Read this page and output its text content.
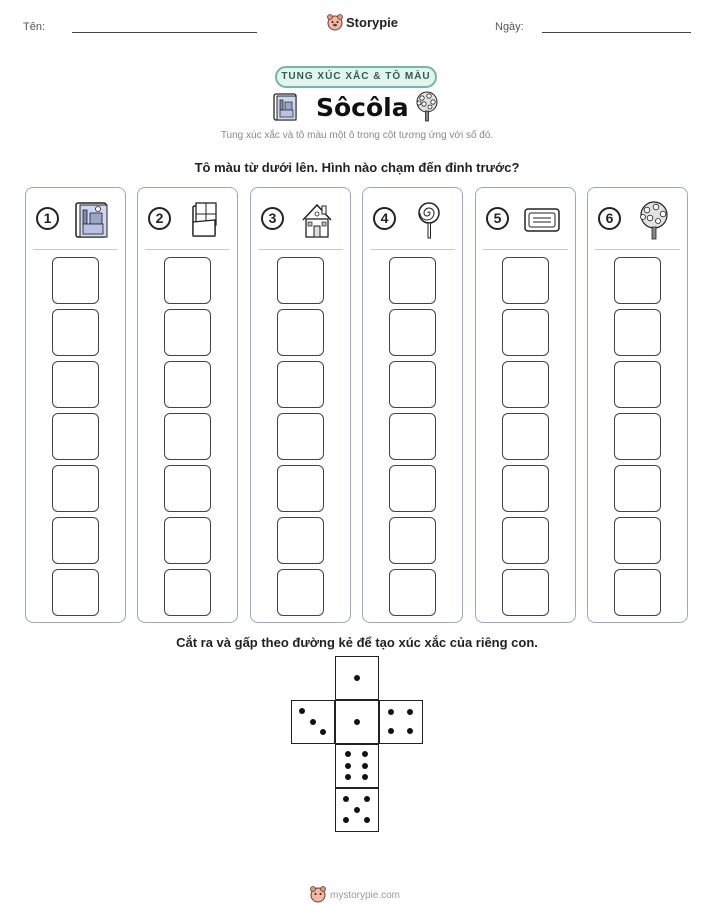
Tên:	Storypie	Ngày:
TUNG XÚC XẮC & TÔ MÀU
Sôcôla
Tung xúc xắc và tô màu một ô trong cột tương ứng với số đó.
Tô màu từ dưới lên. Hình nào chạm đến đỉnh trước?
1	2	3	4	5	6
Cắt ra và gấp theo đường kẻ để tạo xúc xắc của riêng con.
mystorypie.com
